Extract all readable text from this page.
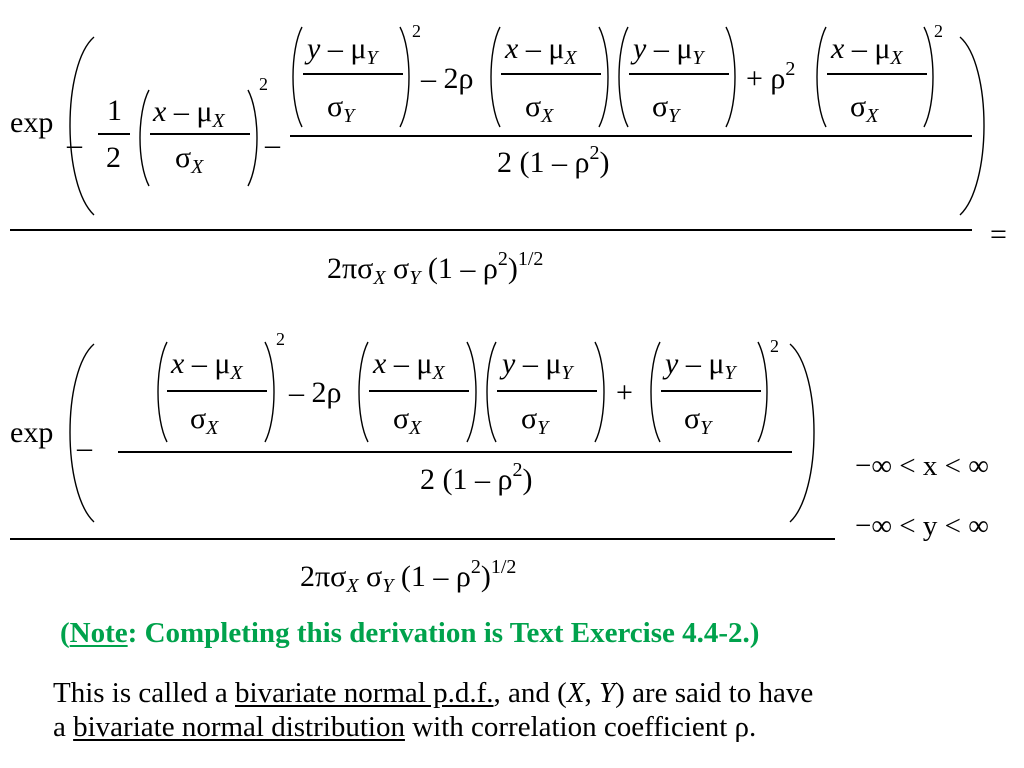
exp
–
1
2
x – $\mu_X$
$\sigma_X$
2
–
y – $\mu_Y$
$\sigma_Y$
2
– 2ρ
x – $\mu_X$
$\sigma_X$
y – $\mu_Y$
$\sigma_Y$
+ $\rho^2$
x – $\mu_X$
$\sigma_X$
2
2 $(1 - \rho^2)$
=
$2\pi\sigma_X$ $\sigma_Y$ $(1 - \rho^2)^{1/2}$
exp –
x – $\mu_X$
$\sigma_X$
2
– 2ρ
x – $\mu_X$
$\sigma_X$
y – $\mu_Y$
$\sigma_Y$
+
y – $\mu_Y$
$\sigma_Y$
2
2 $(1 - \rho^2)$
$2\pi\sigma_X$ $\sigma_Y$ $(1 - \rho^2)^{1/2}$
−∞ < x < ∞
−∞ < y < ∞
(Note: Completing this derivation is Text Exercise 4.4-2.)
This is called a bivariate normal p.d.f., and (X, Y) are said to have
a bivariate normal distribution with correlation coefficient ρ.
